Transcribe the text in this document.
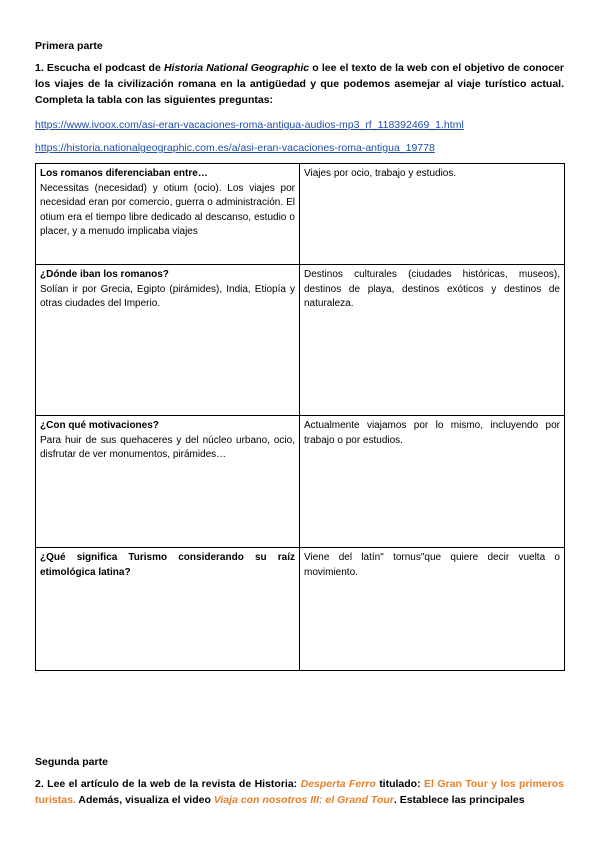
Primera parte
1. Escucha el podcast de Historia National Geographic o lee el texto de la web con el objetivo de conocer los viajes de la civilización romana en la antigüedad y que podemos asemejar al viaje turístico actual. Completa la tabla con las siguientes preguntas:
https://www.ivoox.com/asi-eran-vacaciones-roma-antigua-audios-mp3_rf_118392469_1.html
https://historia.nationalgeographic.com.es/a/asi-eran-vacaciones-roma-antigua_19778
Los romanos diferenciaban entre…
Necessitas (necesidad) y otium (ocio). Los viajes por necesidad eran por comercio, guerra o administración. El otium era el tiempo libre dedicado al descanso, estudio o placer, y a menudo implicaba viajes	Viajes por ocio, trabajo y estudios.

¿Dónde iban los romanos?
Solían ir por Grecia, Egipto (pirámides), India, Etiopía y otras ciudades del Imperio.	Destinos culturales (ciudades históricas, museos), destinos de playa, destinos exóticos y destinos de naturaleza.

¿Con qué motivaciones?
Para huir de sus quehaceres y del núcleo urbano, ocio, disfrutar de ver monumentos, pirámides…	Actualmente viajamos por lo mismo, incluyendo por trabajo o por estudios.

¿Qué significa Turismo considerando su raíz etimológica latina?	Viene del latín" tornus"que quiere decir vuelta o movimiento.
---
Segunda parte
2. Lee el artículo de la web de la revista de Historia: Desperta Ferro titulado: El Gran Tour y los primeros turistas. Además, visualiza el video Viaja con nosotros III: el Grand Tour. Establece las principales
